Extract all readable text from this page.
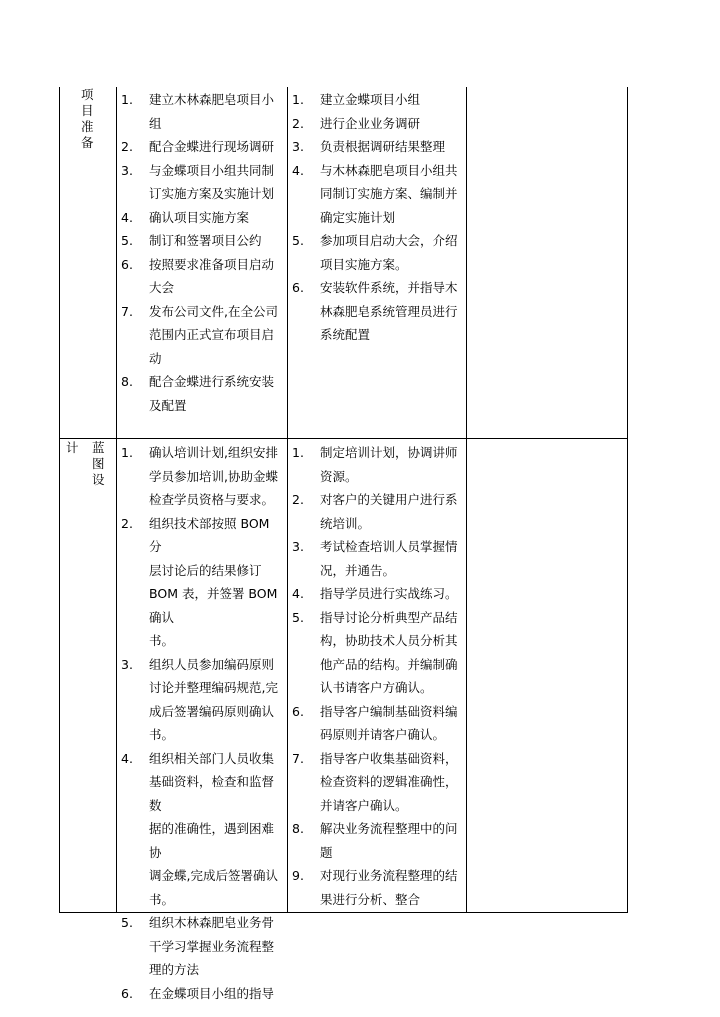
项
目
准
备
1. 建立木林森肥皂项目小
组
2. 配合金蝶进行现场调研
3. 与金蝶项目小组共同制
订实施方案及实施计划
4. 确认项目实施方案
5. 制订和签署项目公约
6. 按照要求准备项目启动
大会
7. 发布公司文件,在全公司
范围内正式宣布项目启
动
8. 配合金蝶进行系统安装
及配置
1. 建立金蝶项目小组
2. 进行企业业务调研
3. 负责根据调研结果整理
4. 与木林森肥皂项目小组共
同制订实施方案、编制并
确定实施计划
5. 参加项目启动大会，介绍
项目实施方案。
6. 安装软件系统，并指导木
林森肥皂系统管理员进行
系统配置
计 蓝
图
设
1. 确认培训计划,组织安排
学员参加培训,协助金蝶
检查学员资格与要求。
2. 组织技术部按照 BOM 分
层讨论后的结果修订
BOM 表，并签署 BOM 确认
书。
3. 组织人员参加编码原则
讨论并整理编码规范,完
成后签署编码原则确认
书。
4. 组织相关部门人员收集
基础资料，检查和监督数
据的准确性，遇到困难协
调金蝶,完成后签署确认
书。
5. 组织木林森肥皂业务骨
干学习掌握业务流程整
理的方法
6. 在金蝶项目小组的指导
1. 制定培训计划，协调讲师
资源。
2. 对客户的关键用户进行系
统培训。
3. 考试检查培训人员掌握情
况，并通告。
4. 指导学员进行实战练习。
5. 指导讨论分析典型产品结
构，协助技术人员分析其
他产品的结构。并编制确
认书请客户方确认。
6. 指导客户编制基础资料编
码原则并请客户确认。
7. 指导客户收集基础资料，
检查资料的逻辑准确性，
并请客户确认。
8. 解决业务流程整理中的问
题
9. 对现行业务流程整理的结
果进行分析、整合
